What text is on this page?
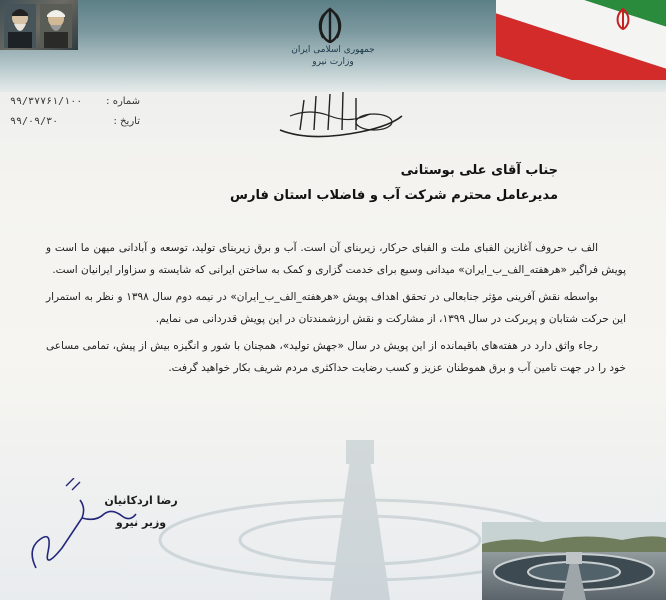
جمهوری اسلامی ایران
وزارت نیرو
۹۹/۳۷۷۶۱/۱۰۰ شماره :
۹۹/۰۹/۳۰	تاریخ :
جناب آقای علی بوستانی
مدیرعامل محترم شرکت آب و فاضلاب استان فارس

الف ب حروف آغازین الفبای ملت و الفبای حرکار، زیربنای آن است. آب و برق زیربنای تولید، توسعه و آبادانی میهن ما است و پویش فراگیر «هرهفته_الف_ب_ایران» میدانی وسیع برای خدمت گزاری و کمک به ساختن ایرانی که شایسته و سزاوار ایرانیان است.

بواسطه نقش آفرینی مؤثر جنابعالی در تحقق اهداف پویش «هرهفته_الف_ب_ایران» در نیمه دوم سال ۱۳۹۸ و نظر به استمرار این حرکت شتابان و پربرکت در سال ۱۳۹۹، از مشارکت و نقش ارزشمندتان در این پویش قدردانی می نمایم.

رجاء واثق دارد در هفته‌های باقیمانده از این پویش در سال «جهش تولید»، همچنان با شور و انگیزه بیش از پیش، تمامی مساعی خود را در جهت تامین آب و برق هموطنان عزیز و کسب رضایت حداکثری مردم شریف بکار خواهید گرفت.

رضا اردکانیان
وزیر نیرو
